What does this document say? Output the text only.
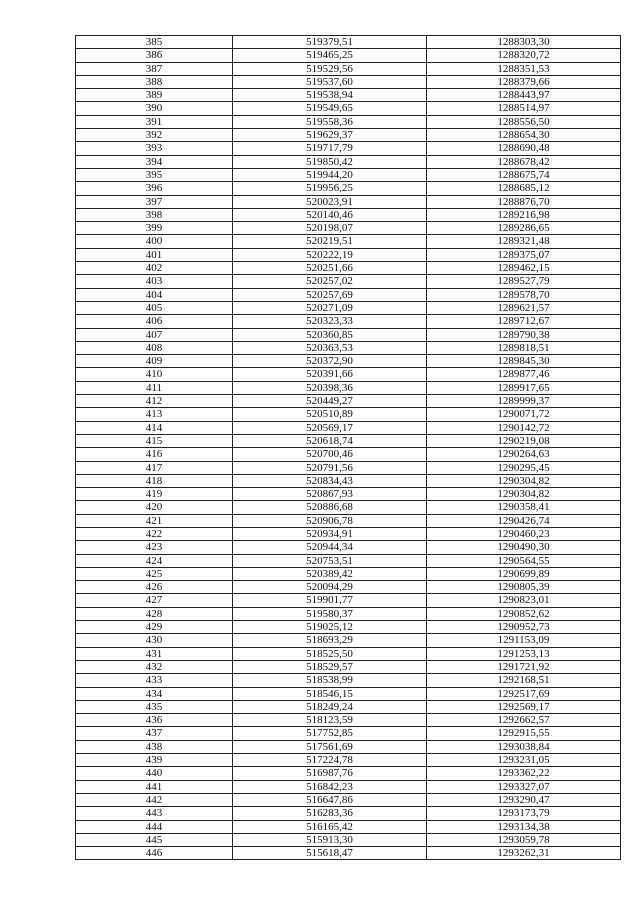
385	519379,51	1288303,30
386	519465,25	1288320,72
387	519529,56	1288351,53
388	519537,60	1288379,66
389	519538,94	1288443,97
390	519549,65	1288514,97
391	519558,36	1288556,50
392	519629,37	1288654,30
393	519717,79	1288690,48
394	519850,42	1288678,42
395	519944,20	1288675,74
396	519956,25	1288685,12
397	520023,91	1288876,70
398	520140,46	1289216,98
399	520198,07	1289286,65
400	520219,51	1289321,48
401	520222,19	1289375,07
402	520251,66	1289462,15
403	520257,02	1289527,79
404	520257,69	1289578,70
405	520271,09	1289621,57
406	520323,33	1289712,67
407	520360,85	1289790,38
408	520363,53	1289818,51
409	520372,90	1289845,30
410	520391,66	1289877,46
411	520398,36	1289917,65
412	520449,27	1289999,37
413	520510,89	1290071,72
414	520569,17	1290142,72
415	520618,74	1290219,08
416	520700,46	1290264,63
417	520791,56	1290295,45
418	520834,43	1290304,82
419	520867,93	1290304,82
420	520886,68	1290358,41
421	520906,78	1290426,74
422	520934,91	1290460,23
423	520944,34	1290490,30
424	520753,51	1290564,55
425	520389,42	1290699,89
426	520094,29	1290805,39
427	519901,77	1290823,01
428	519580,37	1290852,62
429	519025,12	1290952,73
430	518693,29	1291153,09
431	518525,50	1291253,13
432	518529,57	1291721,92
433	518538,99	1292168,51
434	518546,15	1292517,69
435	518249,24	1292569,17
436	518123,59	1292662,57
437	517752,85	1292915,55
438	517561,69	1293038,84
439	517224,78	1293231,05
440	516987,76	1293362,22
441	516842,23	1293327,07
442	516647,86	1293290,47
443	516283,36	1293173,79
444	516165,42	1293134,38
445	515913,30	1293059,78
446	515618,47	1293262,31
